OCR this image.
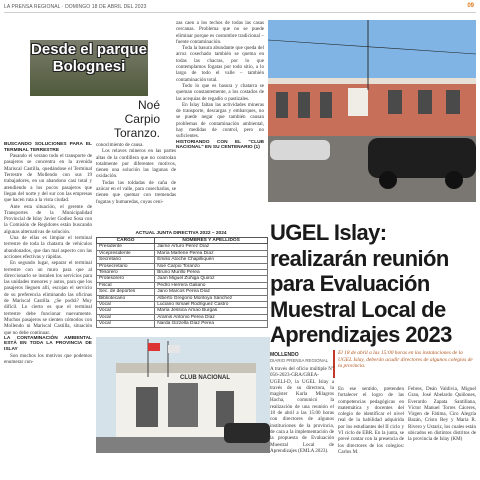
LA PRENSA REGIONAL · DOMINGO 18 DE ABRIL DEL 2023	09
Desde el parque Bolognesi
Noé
Carpio
Toranzo.

BUSCANDO SOLUCIONES PARA EL TERMINAL TERRESTRE

Pasando el verano todo el transporte de pasajeros se concentra en la avenida Mariscal Castilla, quedándose el Terminal Terrestre de Mollendo con sus 19 trabajadores, en un abandono casi total y atendiendo a los pocos pasajeros que llegan del norte y del sur con las empresas que hacen ruta a la vista ciudad.

Ante esta situación, el gerente de Transportes de la Municipalidad Provincial de Islay Javier Godiez Sosa con la Comisión de Regidores están buscando algunas alternativas de solución.

Una de ellas es limpiar el terminal terrestre de toda la chatarra de vehículos abandonados, que dan mal aspecto con las acciones efectivas y rápidas.

En segundo lugar, separar el terminal terrestre con un muro para que al direccionarlo se instalen los servicios para las unidades menores y autos, para que los pasajeros lleguen allí, escojan el servicio de su preferencia eliminando las oficinas de Mariscal Castilla. ¿Se podrá? Muy difícil. Lo cierto es que el terminal terrestre debe funcionar nuevamente. Muchos pasajeros se sienten cómodos con Mollendo ni Mariscal Castilla, situación que no debe continuar.

LA CONTAMINACIÓN AMBIENTAL ESTÁ EN TODA LA PROVINCIA DE ISLAY

Son muchos los motivos que podemos enumerar con-

conocimiento de causa.

Los relaves mineros en las partes altas de la cordillera que no controlan totalmente por diferentes motivos, tienen una solución las lagunas de oxidación.

Todas las toldadas de caña de azúcar en el valle, para cosecharlas, se tienen que quemar con tremendas fogatas y humaredas, cuyas ceni-

zas caen a los techos de todas las casas cercanas. Problema que no se puede eliminar porque es costumbre tradicional – fuente contaminación.

Toda la basura abundante que queda del arroz cosechado también se quema en todas las chacras, por lo que contemplamos fogatas por todo sitio, a lo largo de todo el valle – también contaminación total.

Todo lo que es basura y chatarra se queman constantemente, a los costados de las acequias de regadío o pastizales.

En Islay faltan las actividades mineras de transporte, descargas y embarques, no se puede negar que también causan problemas de contaminación ambiental, hay medidas de control, pero no suficientes.

HISTORIANDO CON EL "CLUB NACIONAL" EN SU CENTENARIO (1)

ACTUAL JUNTA DIRECTIVA 2022 – 2024
CARGO	NOMBRES Y APELLIDOS
Presidente	Jaime Arturo Perez Díaz
Vicepresidente	María Marlene Perea Díaz
Secretario	Emilio Atoche Chapilliquén
Prosecretario	Noé Carpio Toranzo
Tesorero	Bruno Murillo Perea
Protesorero	Juan Miguel Zúñiga Quiroz
Fiscal	Pedro Herrera Galiano
Sec. de deportes	Jano Marcos Perea Díaz
Bibliotecario	Alberto Gregorio Montoya Sánchez
Vocal	Luciano Ismael Rodríguez Castro
Vocal	María Jessica Arnao Burgas
Vocal	Aramis Antonio Perea Díaz
Vocal	Narda Gizzella Díaz Perea
UGEL Islay: realizarán reunión para Evaluación Muestral Local de Aprendizajes 2023
CLUB NACIONAL
MOLLENDO
DIARIO PRENSA REGIONAL
El 18 de abril a las 15:00 horas en las instalaciones de la UGEL Islay, deberán acudir directores de algunos colegios de la provincia.
A través del oficio múltiple N° 056-2023-GRA/GREA-UGELI-D, la UGEL Islay a través de su directora, la magíster Karla Milagros Hacha, comunicó la realización de una reunión el 18 de abril a las 15:00 horas con directores de algunos instituciones de la provincia, de cara a la implementación de la propuesta de Evaluación Muestral Local de Aprendizajes (EMLA 2023).
En ese sentido, pretenden fortalecer el logro de las competencias pedagógicas en matemática y docentes del colegio de identificar el nivel real de la habilidad adquirida por los estudiantes del II ciclo y VI ciclo de EBR. En la junta, se prevé contar con la presencia de los directores de los colegios: Carlos M.
Febres, Deán Valdivia, Miguel Grau, José Abelardo Quiñones, Everardo Zapata Santillana, Víctor Manuel Torres Cáceres, Virgen de Fátima, Ciro Alegría Bazán, Cristo Rey y María R. Rivero y Ustariz, los cuales están ubicados en distintos distritos de la provincia de Islay (KM)
